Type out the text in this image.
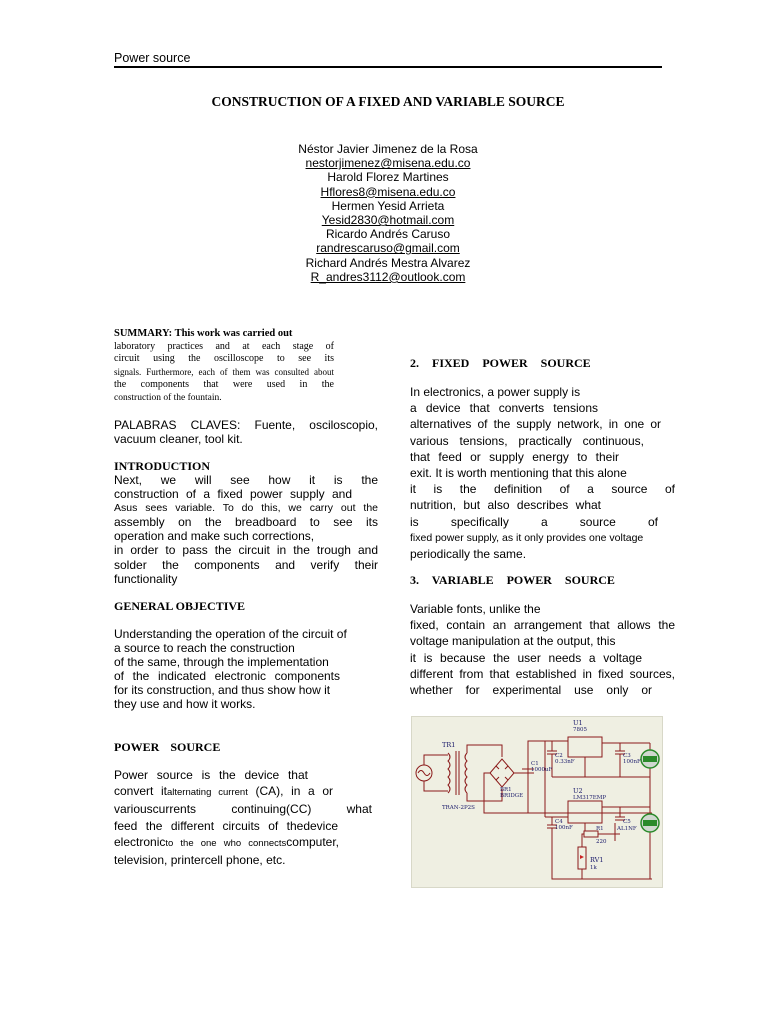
Power source
CONSTRUCTION OF A FIXED AND VARIABLE SOURCE
Néstor Javier Jimenez de la Rosa
nestorjimenez@misena.edu.co
Harold Florez Martines
Hflores8@misena.edu.co
Hermen Yesid Arrieta
Yesid2830@hotmail.com
Ricardo Andrés Caruso
randrescaruso@gmail.com
Richard Andrés Mestra Alvarez
R_andres3112@outlook.com
SUMMARY: This work was carried out
laboratory practices and at each stage of
circuit using the oscilloscope to see its
signals. Furthermore, each of them was consulted about
the components that were used in the
construction of the fountain.
PALABRAS CLAVES: Fuente, osciloscopio,
vacuum cleaner, tool kit.
INTRODUCTION
Next, we will see how it is the
construction of a fixed power supply and
Asus sees variable. To do this, we carry out the
assembly on the breadboard to see its
operation and make such corrections,
in order to pass the circuit in the trough and
solder the components and verify their
functionality
GENERAL OBJECTIVE
Understanding the operation of the circuit of
a source to reach the construction
of the same, through the implementation
of the indicated electronic components
for its construction, and thus show how it
they use and how it works.
POWER SOURCE
Power source is the device that
convert italternating current (CA), in a or
variouscurrents continuing(CC) what
feed the different circuits of thedevice
electronicto the one who connectscomputer,
television, printercell phone, etc.
2. FIXED POWER SOURCE
In electronics, a power supply is
a device that converts tensions
alternatives of the supply network, in one or
various tensions, practically continuous,
that feed or supply energy to their
exit. It is worth mentioning that this alone
it is the definition of a source of
nutrition, but also describes what
is specifically a source of
fixed power supply, as it only provides one voltage
periodically the same.
3. VARIABLE POWER SOURCE
Variable fonts, unlike the
fixed, contain an arrangement that allows the
voltage manipulation at the output, this
it is because the user needs a voltage
different from that established in fixed sources,
whether for experimental use only or
TR1
TRAN-2P2S
BR1
BRIDGE
C1
1000uF
U1
7805
C2
0.33nF
C3
100nF
U2
LM317EMP
C4
100nF
C5
AL1NF
R1
220
RV1
1k
